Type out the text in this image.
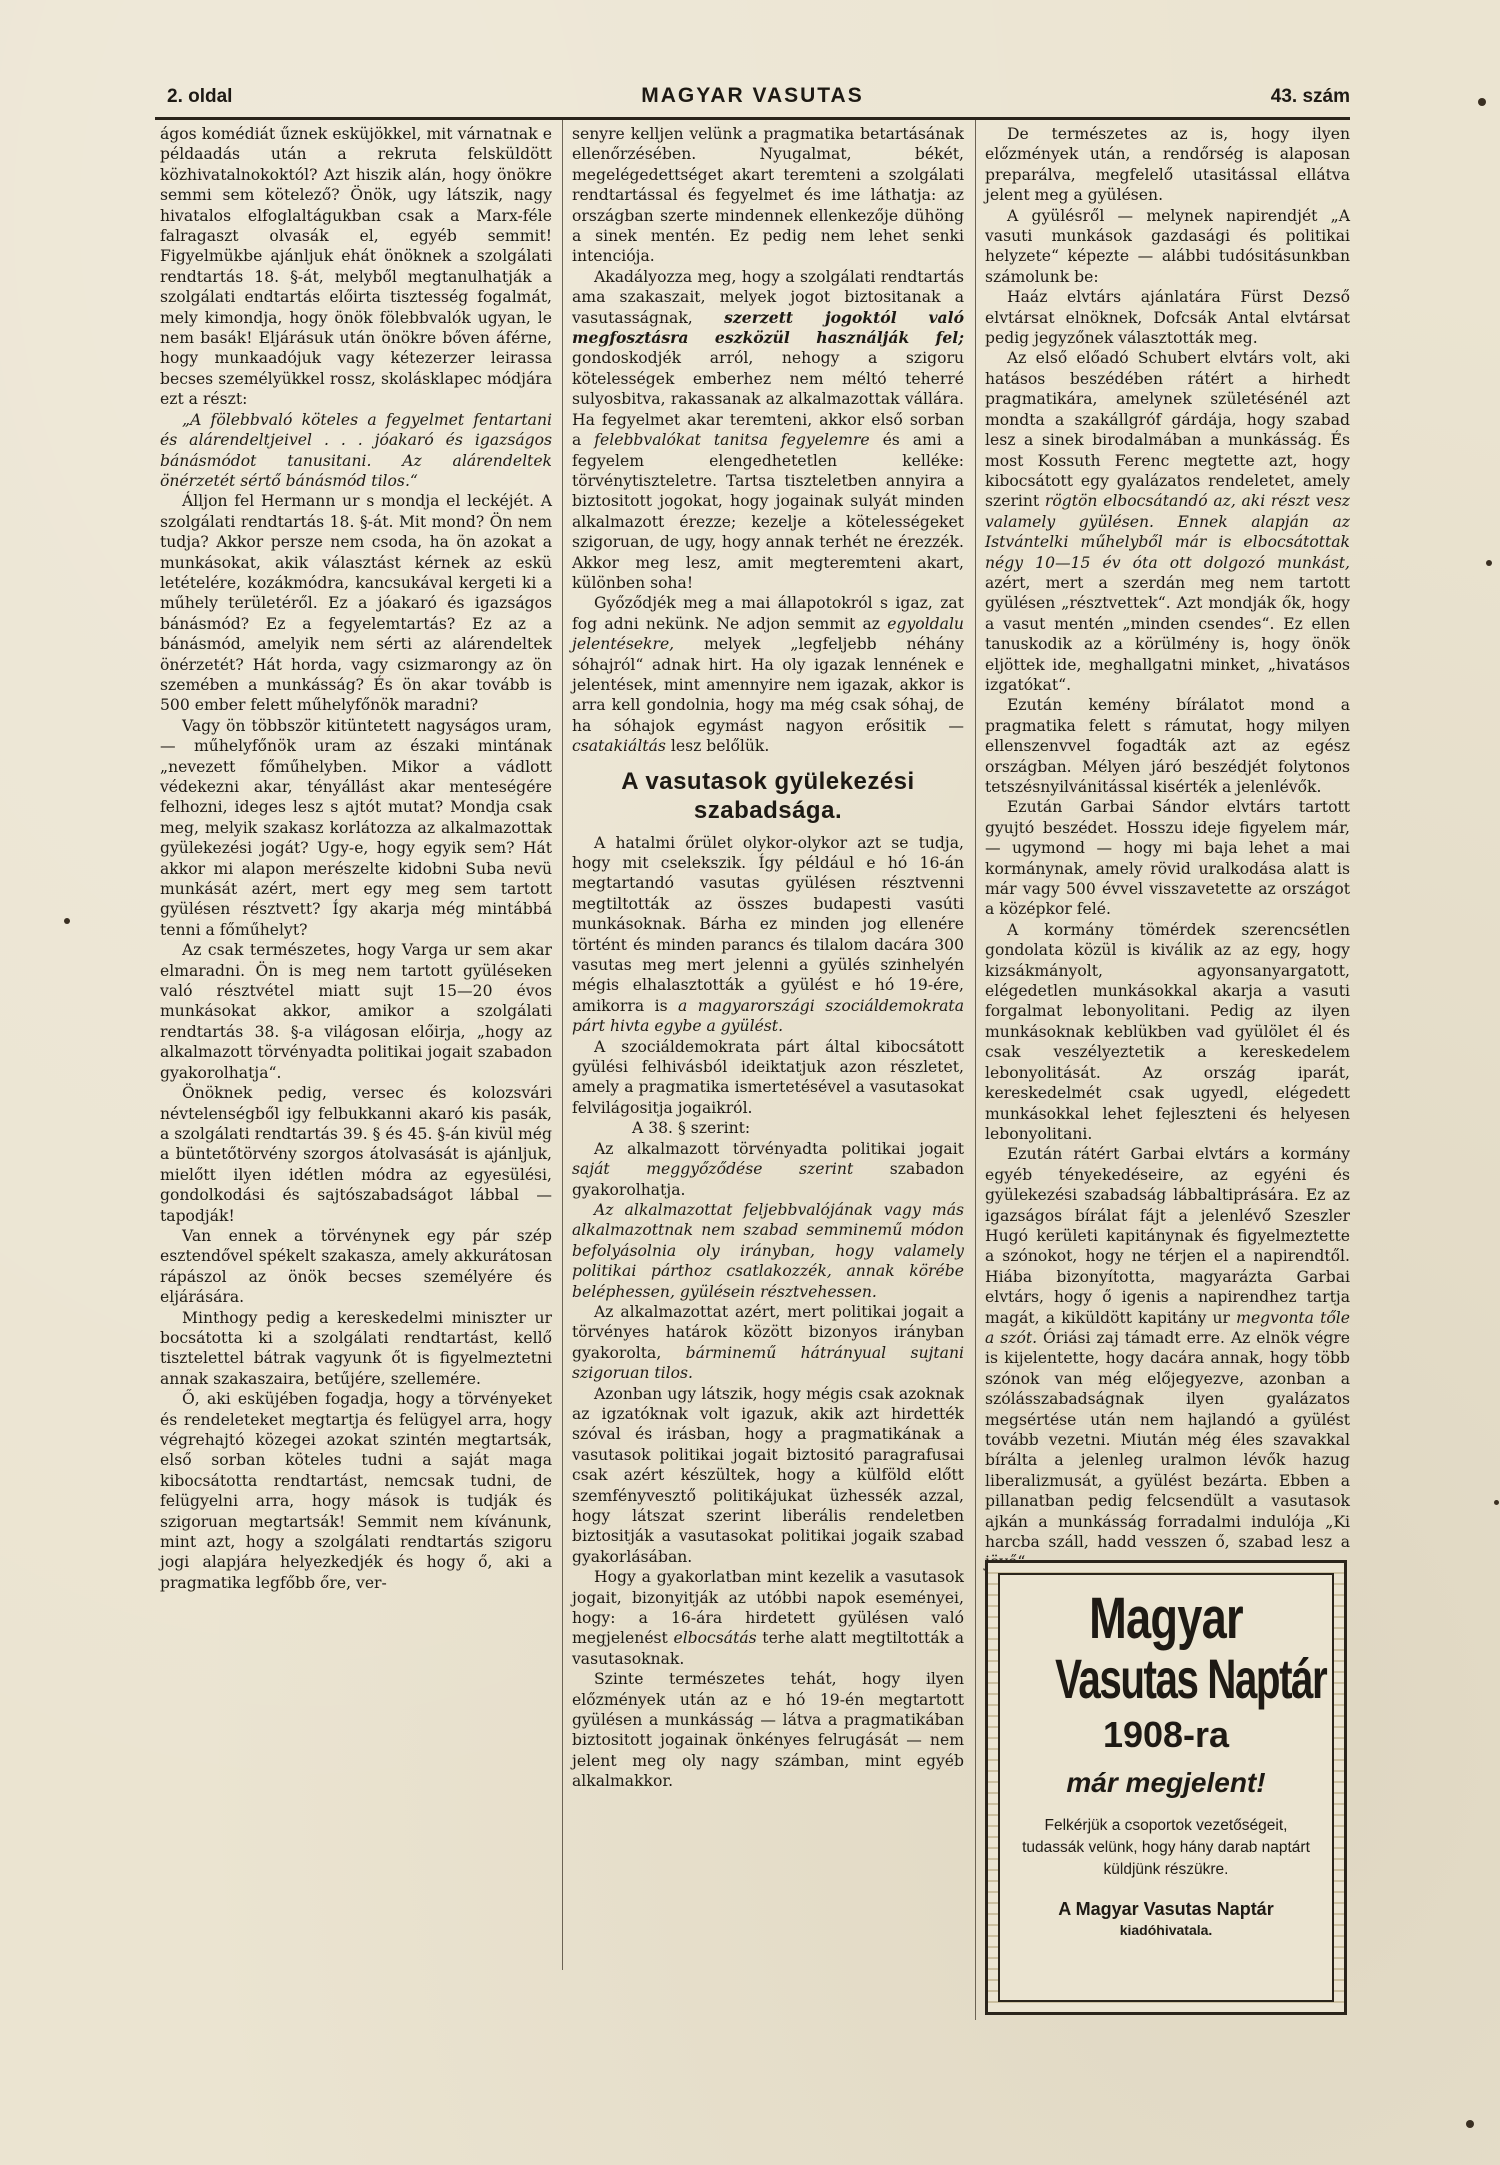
2. oldal	MAGYAR VASUTAS	43. szám

ágos komédiát űznek esküjökkel, mit várnatnak e példaadás után a rekruta felsküldött közhivatalnokoktól? Azt hiszik alán, hogy önökre semmi sem kötelező? Önök, ugy látszik, nagy hivatalos elfoglaltágukban csak a Marx-féle falragaszt olvasák el, egyéb semmit! Figyelmükbe ajánljuk ehát önöknek a szolgálati rendtartás 18. §-át, melyből megtanulhatják a szolgálati endtartás előirta tisztesség fogalmát, mely kimondja, hogy önök fölebbvalók ugyan, le nem basák! Eljárásuk után önökre bőven áférne, hogy munkaadójuk vagy kétezerzer leirassa becses személyükkel rossz, skolásklapec módjára ezt a részt:

„A fölebbvaló köteles a fegyelmet fentartani és alárendeltjeivel . . . jóakaró és igazságos bánásmódot tanusitani. Az alárendeltek önérzetét sértő bánásmód tilos.“

Álljon fel Hermann ur s mondja el leckéjét. A szolgálati rendtartás 18. §-át. Mit mond? Ön nem tudja? Akkor persze nem csoda, ha ön azokat a munkásokat, akik választást kérnek az eskü letételére, kozákmódra, kancsukával kergeti ki a műhely területéről. Ez a jóakaró és igazságos bánásmód? Ez a fegyelemtartás? Ez az a bánásmód, amelyik nem sérti az alárendeltek önérzetét? Hát horda, vagy csizmarongy az ön szemében a munkásság? És ön akar tovább is 500 ember felett műhelyfőnök maradni?

Vagy ön többször kitüntetett nagyságos uram, — műhelyfőnök uram az északi mintának „nevezett főműhelyben. Mikor a vádlott védekezni akar, tényállást akar menteségére felhozni, ideges lesz s ajtót mutat? Mondja csak meg, melyik szakasz korlátozza az alkalmazottak gyülekezési jogát? Ugy-e, hogy egyik sem? Hát akkor mi alapon merészelte kidobni Suba nevü munkását azért, mert egy meg sem tartott gyülésen résztvett? Így akarja még mintábbá tenni a főműhelyt?

Az csak természetes, hogy Varga ur sem akar elmaradni. Ön is meg nem tartott gyüléseken való résztvétel miatt sujt 15—20 évos munkásokat akkor, amikor a szolgálati rendtartás 38. §-a világosan előirja, „hogy az alkalmazott törvényadta politikai jogait szabadon gyakorolhatja“.

Önöknek pedig, versec és kolozsvári névtelenségből igy felbukkanni akaró kis pasák, a szolgálati rendtartás 39. § és 45. §-án kivül még a büntetőtörvény szorgos átolvasását is ajánljuk, mielőtt ilyen idétlen módra az egyesülési, gondolkodási és sajtószabadságot lábbal — tapodják!

Van ennek a törvénynek egy pár szép esztendővel spékelt szakasza, amely akkurátosan rápászol az önök becses személyére és eljárására.

Minthogy pedig a kereskedelmi miniszter ur bocsátotta ki a szolgálati rendtartást, kellő tisztelettel bátrak vagyunk őt is figyelmeztetni annak szakaszaira, betűjére, szellemére.

Ő, aki esküjében fogadja, hogy a törvényeket és rendeleteket megtartja és felügyel arra, hogy végrehajtó közegei azokat szintén megtartsák, első sorban köteles tudni a saját maga kibocsátotta rendtartást, nemcsak tudni, de felügyelni arra, hogy mások is tudják és szigoruan megtartsák! Semmit nem kívánunk, mint azt, hogy a szolgálati rendtartás szigoru jogi alapjára helyezkedjék és hogy ő, aki a pragmatika legfőbb őre, ver-

senyre kelljen velünk a pragmatika betartásának ellenőrzésében. Nyugalmat, békét, megelégedettséget akart teremteni a szolgálati rendtartással és fegyelmet és ime láthatja: az országban szerte mindennek ellenkezője dühöng a sinek mentén. Ez pedig nem lehet senki intenciója.

Akadályozza meg, hogy a szolgálati rendtartás ama szakaszait, melyek jogot biztositanak a vasutasságnak, szerzett jogoktól való megfosztásra eszközül használják fel; gondoskodjék arról, nehogy a szigoru kötelességek emberhez nem méltó teherré sulyosbitva, rakassanak az alkalmazottak vállára. Ha fegyelmet akar teremteni, akkor első sorban a felebbvalókat tanitsa fegyelemre és ami a fegyelem elengedhetetlen kelléke: törvénytiszteletre. Tartsa tiszteletben annyira a biztositott jogokat, hogy jogainak sulyát minden alkalmazott érezze; kezelje a kötelességeket szigoruan, de ugy, hogy annak terhét ne érezzék. Akkor meg lesz, amit megteremteni akart, különben soha!

Győződjék meg a mai állapotokról s igaz, zat fog adni nekünk. Ne adjon semmit az egyoldalu jelentésekre, melyek „legfeljebb néhány sóhajról“ adnak hirt. Ha oly igazak lennének e jelentések, mint amennyire nem igazak, akkor is arra kell gondolnia, hogy ma még csak sóhaj, de ha sóhajok egymást nagyon erősitik — csatakiáltás lesz belőlük.

A vasutasok gyülekezési
szabadsága.

A hatalmi őrület olykor-olykor azt se tudja, hogy mit cselekszik. Így például e hó 16-án megtartandó vasutas gyülésen résztvenni megtiltották az összes budapesti vasúti munkásoknak. Bárha ez minden jog ellenére történt és minden parancs és tilalom dacára 300 vasutas meg mert jelenni a gyülés szinhelyén mégis elhalasztották a gyülést e hó 19-ére, amikorra is a magyarországi szociáldemokrata párt hivta egybe a gyülést.

A szociáldemokrata párt által kibocsátott gyülési felhivásból ideiktatjuk azon részletet, amely a pragmatika ismertetésével a vasutasokat felvilágositja jogaikról.

A 38. § szerint:

Az alkalmazott törvényadta politikai jogait saját meggyőződése szerint szabadon gyakorolhatja.

Az alkalmazottat feljebbvalójának vagy más alkalmazottnak nem szabad semminemű módon befolyásolnia oly irányban, hogy valamely politikai párthoz csatlakozzék, annak körébe beléphessen, gyülésein résztvehessen.

Az alkalmazottat azért, mert politikai jogait a törvényes határok között bizonyos irányban gyakorolta, bárminemű hátrányual sujtani szigoruan tilos.

Azonban ugy látszik, hogy mégis csak azoknak az igzatóknak volt igazuk, akik azt hirdették szóval és irásban, hogy a pragmatikának a vasutasok politikai jogait biztositó paragrafusai csak azért készültek, hogy a külföld előtt szemfényvesztő politikájukat üzhessék azzal, hogy látszat szerint liberális rendeletben biztositják a vasutasokat politikai jogaik szabad gyakorlásában.

Hogy a gyakorlatban mint kezelik a vasutasok jogait, bizonyitják az utóbbi napok eseményei, hogy: a 16-ára hirdetett gyülésen való megjelenést elbocsátás terhe alatt megtiltották a vasutasoknak.

Szinte természetes tehát, hogy ilyen előzmények után az e hó 19-én megtartott gyülésen a munkásság — látva a pragmatikában biztositott jogainak önkényes felrugását — nem jelent meg oly nagy számban, mint egyéb alkalmakkor.

De természetes az is, hogy ilyen előzmények után, a rendőrség is alaposan preparálva, megfelelő utasitással ellátva jelent meg a gyülésen.

A gyülésről — melynek napirendjét „A vasuti munkások gazdasági és politikai helyzete“ képezte — alábbi tudósitásunkban számolunk be:

Haáz elvtárs ajánlatára Fürst Dezső elvtársat elnöknek, Dofcsák Antal elvtársat pedig jegyzőnek választották meg.

Az első előadó Schubert elvtárs volt, aki hatásos beszédében rátért a hirhedt pragmatikára, amelynek születésénél azt mondta a szakállgróf gárdája, hogy szabad lesz a sinek birodalmában a munkásság. És most Kossuth Ferenc megtette azt, hogy kibocsátott egy gyalázatos rendeletet, amely szerint rögtön elbocsátandó az, aki részt vesz valamely gyülésen. Ennek alapján az Istvántelki műhelyből már is elbocsátottak négy 10—15 év óta ott dolgozó munkást, azért, mert a szerdán meg nem tartott gyülésen „résztvettek“. Azt mondják ők, hogy a vasut mentén „minden csendes“. Ez ellen tanuskodik az a körülmény is, hogy önök eljöttek ide, meghallgatni minket, „hivatásos izgatókat“.

Ezután kemény bírálatot mond a pragmatika felett s rámutat, hogy milyen ellenszenvvel fogadták azt az egész országban. Mélyen járó beszédjét folytonos tetszésnyilvánitással kisérték a jelenlévők.

Ezután Garbai Sándor elvtárs tartott gyujtó beszédet. Hosszu ideje figyelem már, — ugymond — hogy mi baja lehet a mai kormánynak, amely rövid uralkodása alatt is már vagy 500 évvel visszavetette az országot a középkor felé.

A kormány tömérdek szerencsétlen gondolata közül is kiválik az az egy, hogy kizsákmányolt, agyonsanyargatott, elégedetlen munkásokkal akarja a vasuti forgalmat lebonyolitani. Pedig az ilyen munkásoknak keblükben vad gyülölet él és csak veszélyeztetik a kereskedelem lebonyolitását. Az ország iparát, kereskedelmét csak ugyedl, elégedett munkásokkal lehet fejleszteni és helyesen lebonyolitani.

Ezután rátért Garbai elvtárs a kormány egyéb tényekedéseire, az egyéni és gyülekezési szabadság lábbaltiprására. Ez az igazságos bírálat fájt a jelenlévő Szeszler Hugó kerületi kapitánynak és figyelmeztette a szónokot, hogy ne térjen el a napirendtől. Hiába bizonyította, magyarázta Garbai elvtárs, hogy ő igenis a napirendhez tartja magát, a kiküldött kapitány ur megvonta tőle a szót. Óriási zaj támadt erre. Az elnök végre is kijelentette, hogy dacára annak, hogy több szónok van még előjegyezve, azonban a szólásszabadságnak ilyen gyalázatos megsértése után nem hajlandó a gyülést tovább vezetni. Miután még éles szavakkal bírálta a jelenleg uralmon lévők hazug liberalizmusát, a gyülést bezárta. Ebben a pillanatban pedig felcsendült a vasutasok ajkán a munkásság forradalmi indulója „Ki harcba száll, hadd vesszen ő, szabad lesz a

Magyar
Vasutas Naptár
1908-ra
már megjelent!
Felkérjük a csoportok vezetőségeit, tudassák velünk, hogy hány darab naptárt küldjünk részükre.
A Magyar Vasutas Naptár
kiadóhivatala.
